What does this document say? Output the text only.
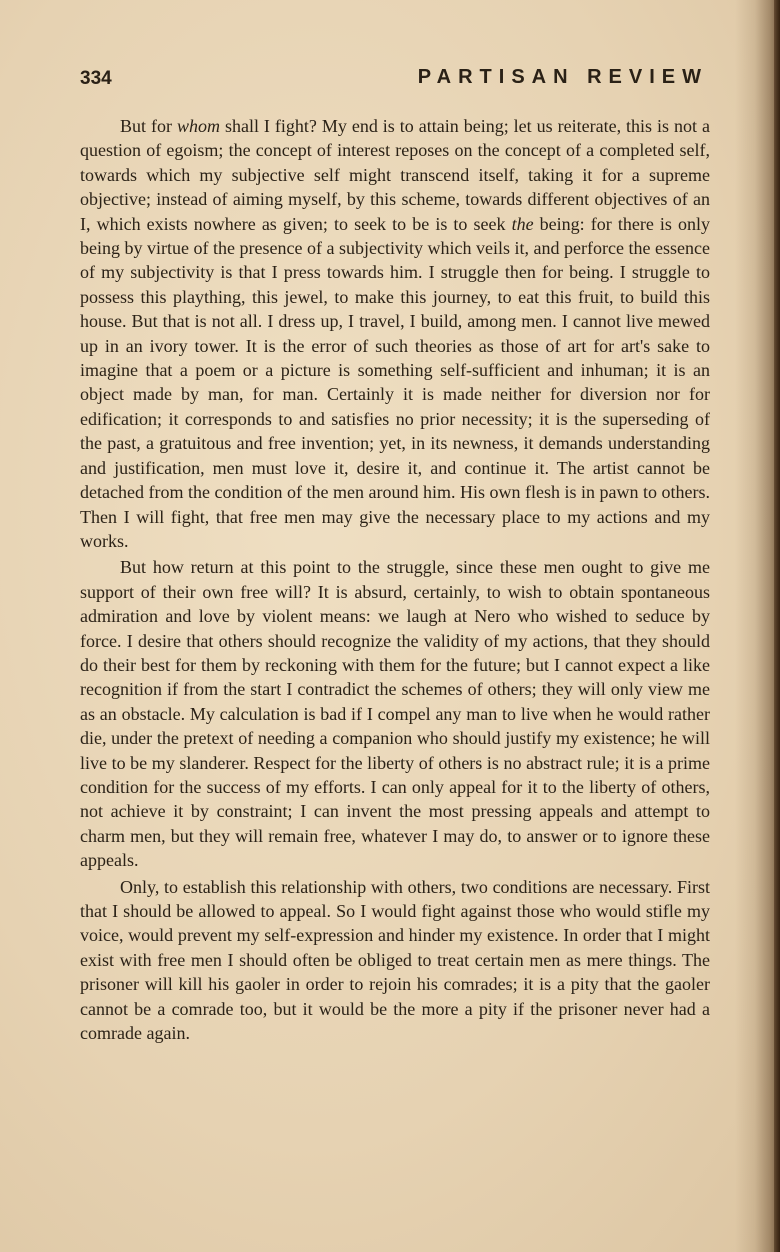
334	PARTISAN REVIEW

But for whom shall I fight? My end is to attain being; let us reiterate, this is not a question of egoism; the concept of interest reposes on the concept of a completed self, towards which my subjective self might transcend itself, taking it for a supreme objective; instead of aiming myself, by this scheme, towards different objectives of an I, which exists nowhere as given; to seek to be is to seek the being: for there is only being by virtue of the presence of a subjectivity which veils it, and perforce the essence of my subjectivity is that I press towards him. I struggle then for being. I struggle to possess this plaything, this jewel, to make this journey, to eat this fruit, to build this house. But that is not all. I dress up, I travel, I build, among men. I cannot live mewed up in an ivory tower. It is the error of such theories as those of art for art's sake to imagine that a poem or a picture is something self-sufficient and inhuman; it is an object made by man, for man. Certainly it is made neither for diversion nor for edification; it corresponds to and satisfies no prior necessity; it is the superseding of the past, a gratuitous and free invention; yet, in its newness, it demands understanding and justification, men must love it, desire it, and continue it. The artist cannot be detached from the condition of the men around him. His own flesh is in pawn to others. Then I will fight, that free men may give the necessary place to my actions and my works.

But how return at this point to the struggle, since these men ought to give me support of their own free will? It is absurd, certainly, to wish to obtain spontaneous admiration and love by violent means: we laugh at Nero who wished to seduce by force. I desire that others should recognize the validity of my actions, that they should do their best for them by reckoning with them for the future; but I cannot expect a like recognition if from the start I contradict the schemes of others; they will only view me as an obstacle. My calculation is bad if I compel any man to live when he would rather die, under the pretext of needing a companion who should justify my existence; he will live to be my slanderer. Respect for the liberty of others is no abstract rule; it is a prime condition for the success of my efforts. I can only appeal for it to the liberty of others, not achieve it by constraint; I can invent the most pressing appeals and attempt to charm men, but they will remain free, whatever I may do, to answer or to ignore these appeals.

Only, to establish this relationship with others, two conditions are necessary. First that I should be allowed to appeal. So I would fight against those who would stifle my voice, would prevent my self-expression and hinder my existence. In order that I might exist with free men I should often be obliged to treat certain men as mere things. The prisoner will kill his gaoler in order to rejoin his comrades; it is a pity that the gaoler cannot be a comrade too, but it would be the more a pity if the prisoner never had a comrade again.
